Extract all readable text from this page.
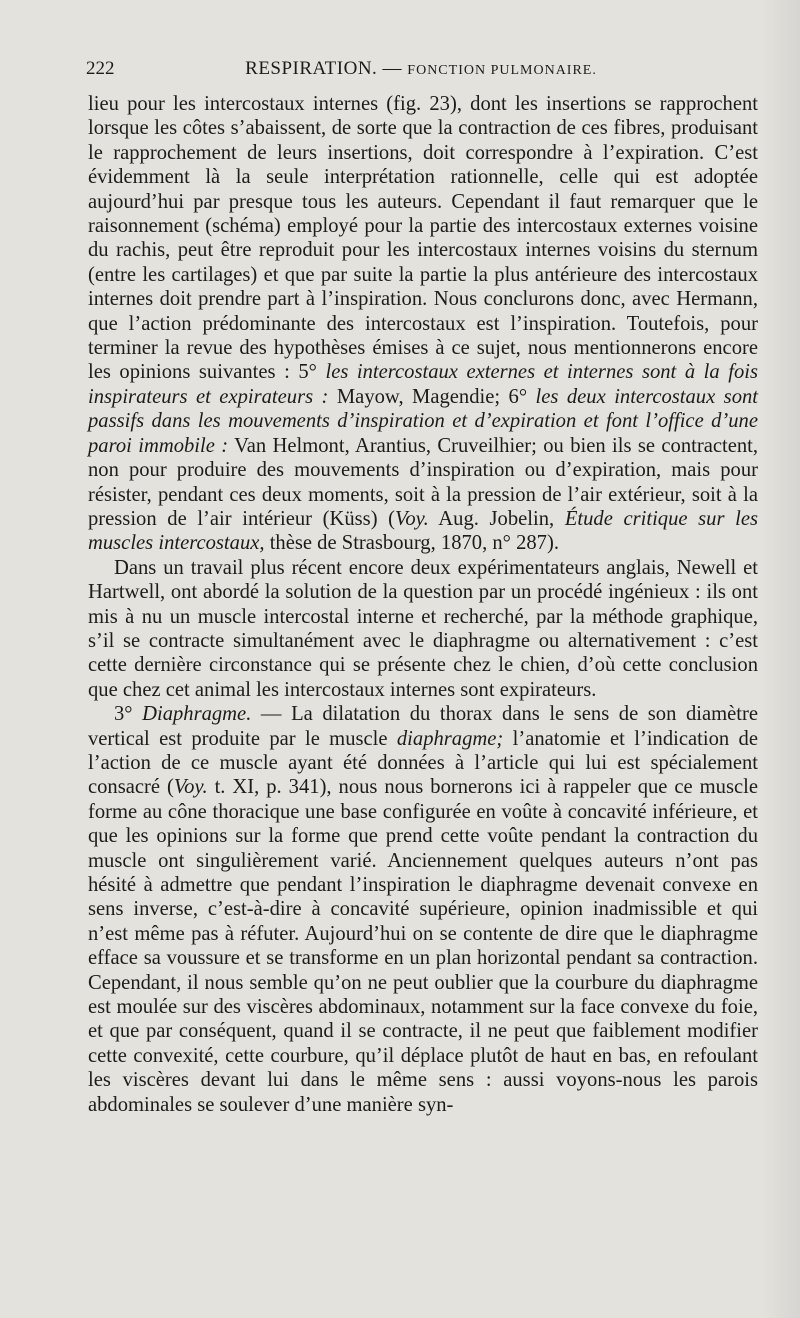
222	RESPIRATION. — FONCTION PULMONAIRE.

lieu pour les intercostaux internes (fig. 23), dont les insertions se rapprochent lorsque les côtes s’abaissent, de sorte que la contraction de ces fibres, produisant le rapprochement de leurs insertions, doit correspondre à l’expiration. C’est évidemment là la seule interprétation rationnelle, celle qui est adoptée aujourd’hui par presque tous les auteurs. Cependant il faut remarquer que le raisonnement (schéma) employé pour la partie des intercostaux externes voisine du rachis, peut être reproduit pour les intercostaux internes voisins du sternum (entre les cartilages) et que par suite la partie la plus antérieure des intercostaux internes doit prendre part à l’inspiration. Nous conclurons donc, avec Hermann, que l’action prédominante des intercostaux est l’inspiration. Toutefois, pour terminer la revue des hypothèses émises à ce sujet, nous mentionnerons encore les opinions suivantes : 5° les intercostaux externes et internes sont à la fois inspirateurs et expirateurs : Mayow, Magendie; 6° les deux intercostaux sont passifs dans les mouvements d’inspiration et d’expiration et font l’office d’une paroi immobile : Van Helmont, Arantius, Cruveilhier; ou bien ils se contractent, non pour produire des mouvements d’inspiration ou d’expiration, mais pour résister, pendant ces deux moments, soit à la pression de l’air extérieur, soit à la pression de l’air intérieur (Küss) (Voy. Aug. Jobelin, Étude critique sur les muscles intercostaux, thèse de Strasbourg, 1870, n° 287).

Dans un travail plus récent encore deux expérimentateurs anglais, Newell et Hartwell, ont abordé la solution de la question par un procédé ingénieux : ils ont mis à nu un muscle intercostal interne et recherché, par la méthode graphique, s’il se contracte simultanément avec le diaphragme ou alternativement : c’est cette dernière circonstance qui se présente chez le chien, d’où cette conclusion que chez cet animal les intercostaux internes sont expirateurs.

3° Diaphragme. — La dilatation du thorax dans le sens de son diamètre vertical est produite par le muscle diaphragme; l’anatomie et l’indication de l’action de ce muscle ayant été données à l’article qui lui est spécialement consacré (Voy. t. XI, p. 341), nous nous bornerons ici à rappeler que ce muscle forme au cône thoracique une base configurée en voûte à concavité inférieure, et que les opinions sur la forme que prend cette voûte pendant la contraction du muscle ont singulièrement varié. Anciennement quelques auteurs n’ont pas hésité à admettre que pendant l’inspiration le diaphragme devenait convexe en sens inverse, c’est-à-dire à concavité supérieure, opinion inadmissible et qui n’est même pas à réfuter. Aujourd’hui on se contente de dire que le diaphragme efface sa voussure et se transforme en un plan horizontal pendant sa contraction. Cependant, il nous semble qu’on ne peut oublier que la courbure du diaphragme est moulée sur des viscères abdominaux, notamment sur la face convexe du foie, et que par conséquent, quand il se contracte, il ne peut que faiblement modifier cette convexité, cette courbure, qu’il déplace plutôt de haut en bas, en refoulant les viscères devant lui dans le même sens : aussi voyons-nous les parois abdominales se soulever d’une manière syn-
